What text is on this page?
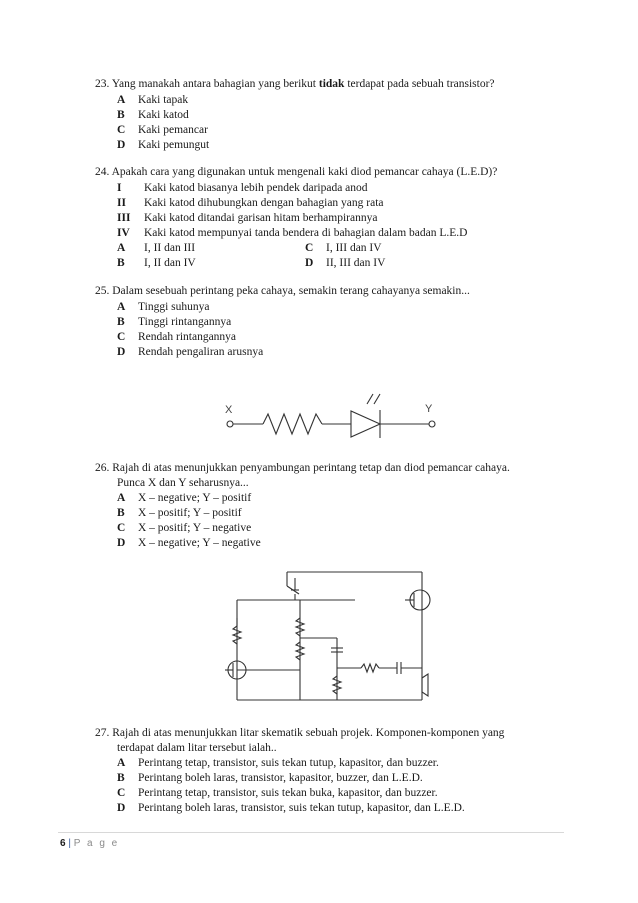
23. Yang manakah antara bahagian yang berikut tidak terdapat pada sebuah transistor?
A Kaki tapak
B Kaki katod
C Kaki pemancar
D Kaki pemungut
24. Apakah cara yang digunakan untuk mengenali kaki diod pemancar cahaya (L.E.D)?
I Kaki katod biasanya lebih pendek daripada anod
II Kaki katod dihubungkan dengan bahagian yang rata
III Kaki katod ditandai garisan hitam berhampirannya
IV Kaki katod mempunyai tanda bendera di bahagian dalam badan L.E.D
A I, II dan III
B I, II dan IV
C I, III dan IV
D II, III dan IV
25. Dalam sesebuah perintang peka cahaya, semakin terang cahayanya semakin...
A Tinggi suhunya
B Tinggi rintangannya
C Rendah rintangannya
D Rendah pengaliran arusnya
X	Y
26. Rajah di atas menunjukkan penyambungan perintang tetap dan diod pemancar cahaya.
Punca X dan Y seharusnya...
A X – negative; Y – positif
B X – positif; Y – positif
C X – positif; Y – negative
D X – negative; Y – negative
27. Rajah di atas menunjukkan litar skematik sebuah projek. Komponen-komponen yang
terdapat dalam litar tersebut ialah..
A Perintang tetap, transistor, suis tekan tutup, kapasitor, dan buzzer.
B Perintang boleh laras, transistor, kapasitor, buzzer, dan L.E.D.
C Perintang tetap, transistor, suis tekan buka, kapasitor, dan buzzer.
D Perintang boleh laras, transistor, suis tekan tutup, kapasitor, dan L.E.D.
6 | P a g e
